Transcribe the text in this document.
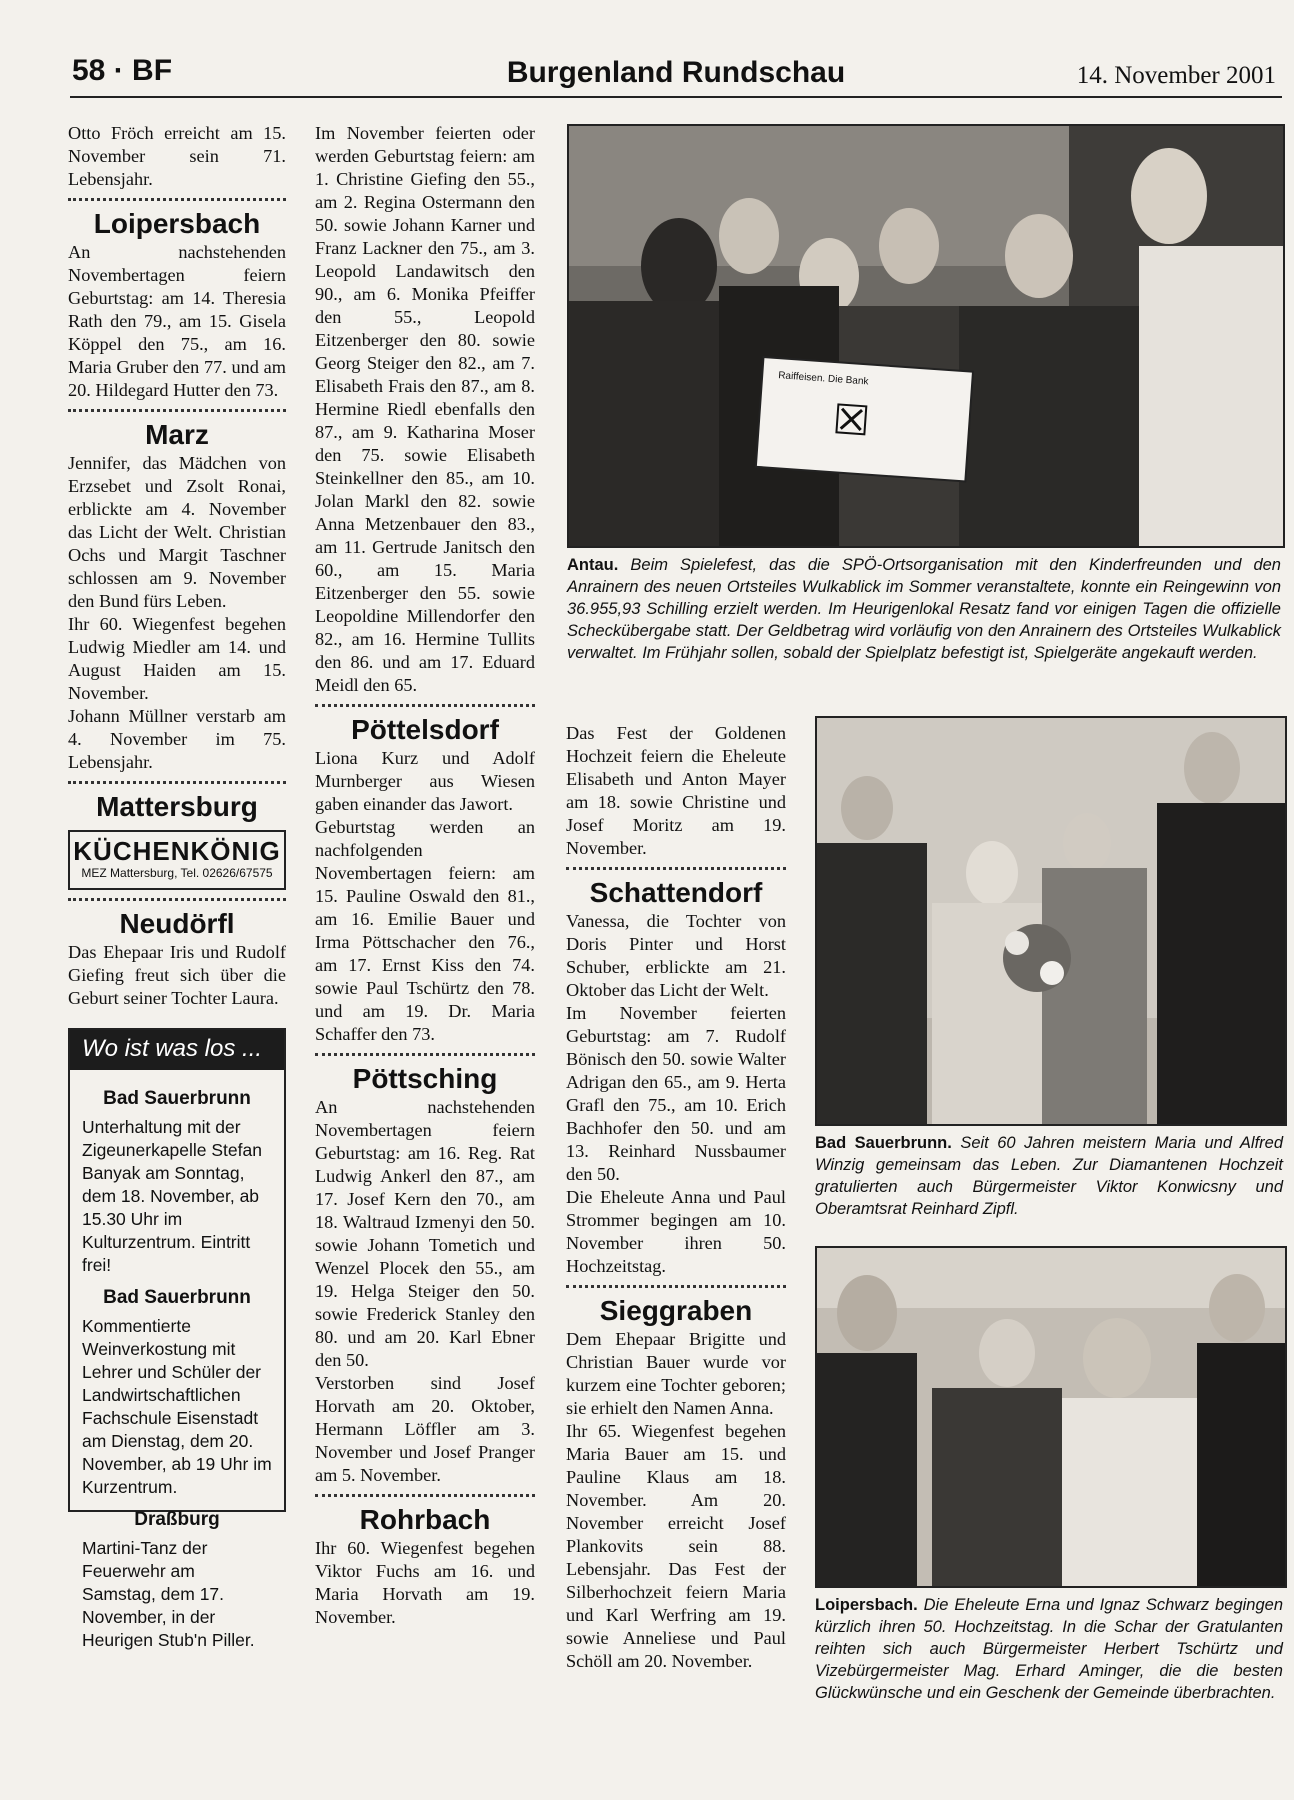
58 · BF	Burgenland Rundschau	14. November 2001

Otto Fröch erreicht am 15. November sein 71. Lebensjahr.

Loipersbach

An nachstehenden Novembertagen feiern Geburtstag: am 14. Theresia Rath den 79., am 15. Gisela Köppel den 75., am 16. Maria Gruber den 77. und am 20. Hildegard Hutter den 73.

Marz

Jennifer, das Mädchen von Erzsebet und Zsolt Ronai, erblickte am 4. November das Licht der Welt. Christian Ochs und Margit Taschner schlossen am 9. November den Bund fürs Leben.

Ihr 60. Wiegenfest begehen Ludwig Miedler am 14. und August Haiden am 15. November.

Johann Müllner verstarb am 4. November im 75. Lebensjahr.

Mattersburg
KÜCHENKÖNIG
MEZ Mattersburg, Tel. 02626/67575
Neudörfl

Das Ehepaar Iris und Rudolf Giefing freut sich über die Geburt seiner Tochter Laura.

Wo ist was los ...
Bad Sauerbrunn
Unterhaltung mit der Zigeunerkapelle Stefan Banyak am Sonntag, dem 18. November, ab 15.30 Uhr im Kulturzentrum. Eintritt frei!
Bad Sauerbrunn
Kommentierte Weinverkostung mit Lehrer und Schüler der Landwirtschaftlichen Fachschule Eisenstadt am Dienstag, dem 20. November, ab 19 Uhr im Kurzentrum.
Draßburg
Martini-Tanz der Feuerwehr am Samstag, dem 17. November, in der Heurigen Stub'n Piller.

Im November feierten oder werden Geburtstag feiern: am 1. Christine Giefing den 55., am 2. Regina Ostermann den 50. sowie Johann Karner und Franz Lackner den 75., am 3. Leopold Landawitsch den 90., am 6. Monika Pfeiffer den 55., Leopold Eitzenberger den 80. sowie Georg Steiger den 82., am 7. Elisabeth Frais den 87., am 8. Hermine Riedl ebenfalls den 87., am 9. Katharina Moser den 75. sowie Elisabeth Steinkellner den 85., am 10. Jolan Markl den 82. sowie Anna Metzenbauer den 83., am 11. Gertrude Janitsch den 60., am 15. Maria Eitzenberger den 55. sowie Leopoldine Millendorfer den 82., am 16. Hermine Tullits den 86. und am 17. Eduard Meidl den 65.

Pöttelsdorf

Liona Kurz und Adolf Murnberger aus Wiesen gaben einander das Jawort.

Geburtstag werden an nachfolgenden Novembertagen feiern: am 15. Pauline Oswald den 81., am 16. Emilie Bauer und Irma Pöttschacher den 76., am 17. Ernst Kiss den 74. sowie Paul Tschürtz den 78. und am 19. Dr. Maria Schaffer den 73.

Pöttsching

An nachstehenden Novembertagen feiern Geburtstag: am 16. Reg. Rat Ludwig Ankerl den 87., am 17. Josef Kern den 70., am 18. Waltraud Izmenyi den 50. sowie Johann Tometich und Wenzel Plocek den 55., am 19. Helga Steiger den 50. sowie Frederick Stanley den 80. und am 20. Karl Ebner den 50.

Verstorben sind Josef Horvath am 20. Oktober, Hermann Löffler am 3. November und Josef Pranger am 5. November.

Rohrbach

Ihr 60. Wiegenfest begehen Viktor Fuchs am 16. und Maria Horvath am 19. November.

Raiffeisen. Die Bank
Antau. Beim Spielefest, das die SPÖ-Ortsorganisation mit den Kinderfreunden und den Anrainern des neuen Ortsteiles Wulkablick im Sommer veranstaltete, konnte ein Reingewinn von 36.955,93 Schilling erzielt werden. Im Heurigenlokal Resatz fand vor einigen Tagen die offizielle Scheckübergabe statt. Der Geldbetrag wird vorläufig von den Anrainern des Ortsteiles Wulkablick verwaltet. Im Frühjahr sollen, sobald der Spielplatz befestigt ist, Spielgeräte angekauft werden.

Das Fest der Goldenen Hochzeit feiern die Eheleute Elisabeth und Anton Mayer am 18. sowie Christine und Josef Moritz am 19. November.

Schattendorf

Vanessa, die Tochter von Doris Pinter und Horst Schuber, erblickte am 21. Oktober das Licht der Welt.

Im November feierten Geburtstag: am 7. Rudolf Bönisch den 50. sowie Walter Adrigan den 65., am 9. Herta Grafl den 75., am 10. Erich Bachhofer den 50. und am 13. Reinhard Nussbaumer den 50.

Die Eheleute Anna und Paul Strommer begingen am 10. November ihren 50. Hochzeitstag.

Sieggraben

Dem Ehepaar Brigitte und Christian Bauer wurde vor kurzem eine Tochter geboren; sie erhielt den Namen Anna.

Ihr 65. Wiegenfest begehen Maria Bauer am 15. und Pauline Klaus am 18. November. Am 20. November erreicht Josef Plankovits sein 88. Lebensjahr. Das Fest der Silberhochzeit feiern Maria und Karl Werfring am 19. sowie Anneliese und Paul Schöll am 20. November.

Bad Sauerbrunn. Seit 60 Jahren meistern Maria und Alfred Winzig gemeinsam das Leben. Zur Diamantenen Hochzeit gratulierten auch Bürgermeister Viktor Konwicsny und Oberamtsrat Reinhard Zipfl.
Loipersbach. Die Eheleute Erna und Ignaz Schwarz begingen kürzlich ihren 50. Hochzeitstag. In die Schar der Gratulanten reihten sich auch Bürgermeister Herbert Tschürtz und Vizebürgermeister Mag. Erhard Aminger, die die besten Glückwünsche und ein Geschenk der Gemeinde überbrachten.
